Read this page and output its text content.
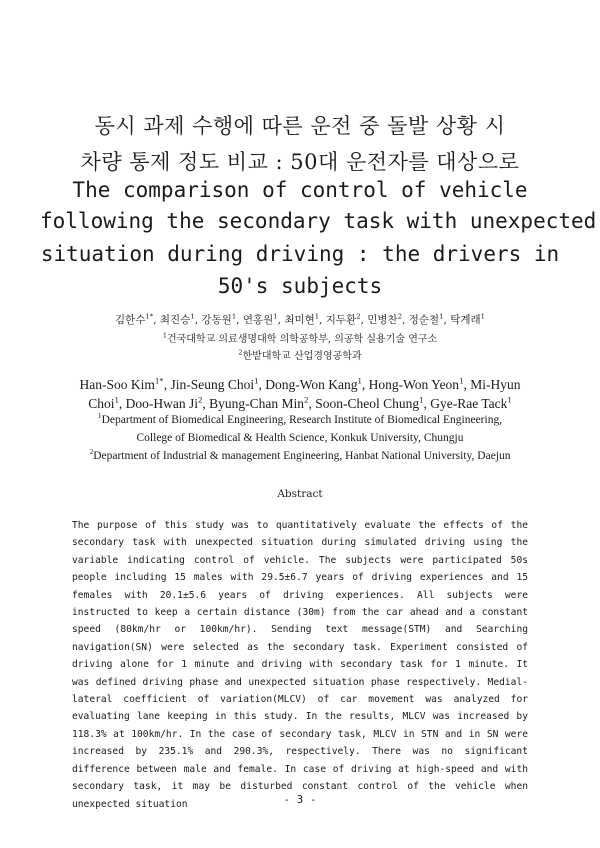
동시 과제 수행에 따른 운전 중 돌발 상황 시
차량 통제 정도 비교 : 50대 운전자를 대상으로
The comparison of control of vehicle
following the secondary task with unexpected
situation during driving : the drivers in
50's subjects
김한수$^{1*}$, 최진승$^1$, 강동원$^1$, 연홍원$^1$, 최미현$^1$, 지두환$^2$, 민병찬$^2$, 정순철$^1$, 탁계래$^1$
$^1$건국대학교 의료생명대학 의학공학부, 의공학 실용기술 연구소
$^2$한밭대학교 산업경영공학과
Han-Soo Kim$^{1*}$, Jin-Seung Choi$^1$, Dong-Won Kang$^1$, Hong-Won Yeon$^1$, Mi-Hyun
Choi$^1$, Doo-Hwan Ji$^2$, Byung-Chan Min$^2$, Soon-Cheol Chung$^1$, Gye-Rae Tack$^1$
$^1$Department of Biomedical Engineering, Research Institute of Biomedical Engineering,
College of Biomedical & Health Science, Konkuk University, Chungju
$^2$Department of Industrial & management Engineering, Hanbat National University, Daejun
Abstract

The purpose of this study was to quantitatively evaluate the effects of the secondary task with unexpected situation during simulated driving using the variable indicating control of vehicle. The subjects were participated 50s people including 15 males with 29.5±6.7 years of driving experiences and 15 females with 20.1±5.6 years of driving experiences. All subjects were instructed to keep a certain distance (30m) from the car ahead and a constant speed (80km/hr or 100km/hr). Sending text message(STM) and Searching navigation(SN) were selected as the secondary task. Experiment consisted of driving alone for 1 minute and driving with secondary task for 1 minute. It was defined driving phase and unexpected situation phase respectively. Medial-lateral coefficient of variation(MLCV) of car movement was analyzed for evaluating lane keeping in this study. In the results, MLCV was increased by 118.3% at 100km/hr. In the case of secondary task, MLCV in STN and in SN were increased by 235.1% and 290.3%, respectively. There was no significant difference between male and female. In case of driving at high-speed and with secondary task, it may be disturbed constant control of the vehicle when unexpected situation	- 3 -
